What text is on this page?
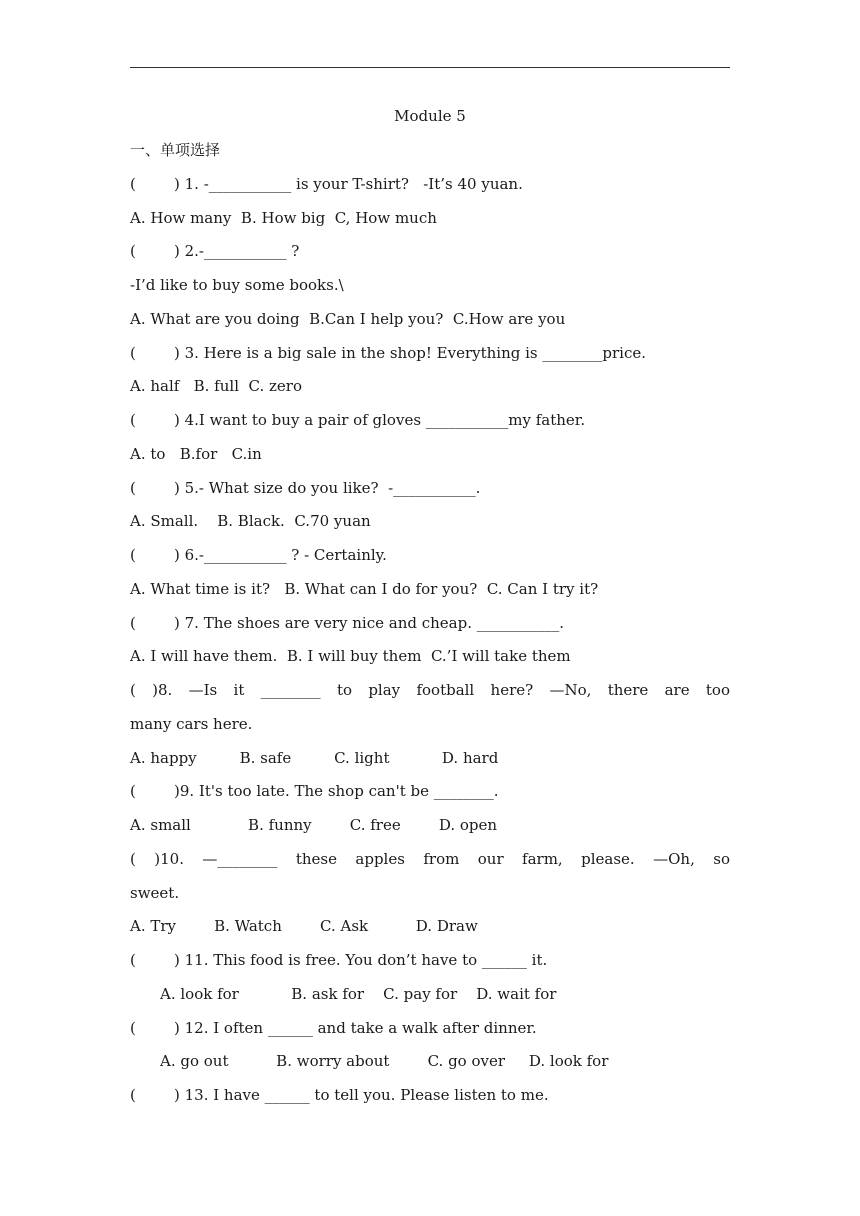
Module 5
一、单项选择
(        ) 1. -___________ is your T-shirt?   -It’s 40 yuan.
A. How many  B. How big  C, How much
(        ) 2.-___________ ?
-I’d like to buy some books.\
A. What are you doing  B.Can I help you?  C.How are you
(        ) 3. Here is a big sale in the shop! Everything is ________price.
A. half   B. full  C. zero
(        ) 4.I want to buy a pair of gloves ___________my father.
A. to   B.for   C.in
(        ) 5.- What size do you like?  -___________.
A. Small.    B. Black.  C.70 yuan
(        ) 6.-___________ ? - Certainly.
A. What time is it?   B. What can I do for you?  C. Can I try it?
(        ) 7. The shoes are very nice and cheap. ___________.
A. I will have them.  B. I will buy them  C.’I will take them
( )8. —Is it ________ to play football here? —No, there are too
many cars here.
A. happy         B. safe         C. light           D. hard
(        )9. It's too late. The shop can't be ________.
A. small            B. funny        C. free        D. open
( )10. —________ these apples from our farm, please. —Oh, so
sweet.
A. Try        B. Watch        C. Ask          D. Draw
(        ) 11. This food is free. You don’t have to ______ it.
A. look for           B. ask for    C. pay for    D. wait for
(        ) 12. I often ______ and take a walk after dinner.
A. go out          B. worry about        C. go over     D. look for
(        ) 13. I have ______ to tell you. Please listen to me.
